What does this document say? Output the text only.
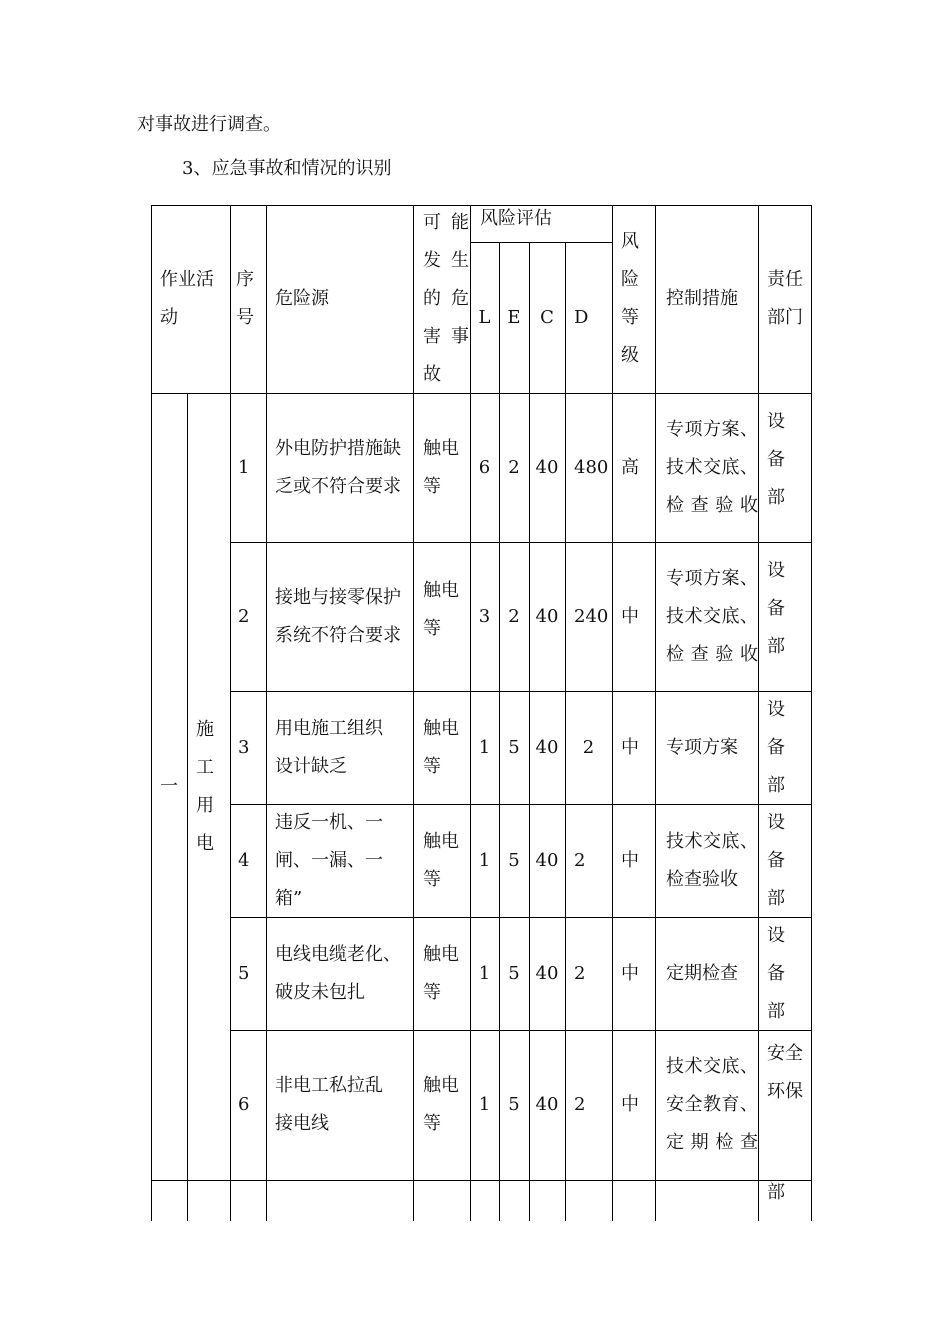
对事故进行调查。

3、应急事故和情况的识别

作业活动
序号
危险源
可能发生的危害事故
风险评估
L E C D
风险等级
控制措施
责任部门
一
施工用电
1
外电防护措施缺乏或不符合要求
触电等
6 2 40 480 高
专项方案、技术交底、检查验收
设备部
2
接地与接零保护系统不符合要求
触电等
3 2 40 240 中
专项方案、技术交底、检查验收
设备部
3
用电施工组织设计缺乏
触电等
1 5 40 2 中 专项方案
设备部
4
违反一机、一闸、一漏、一箱”
触电等
1 5 40 2 中
技术交底、检查验收
设备部
5
电线电缆老化、破皮未包扎
触电等
1 5 40 2 中 定期检查
设备部
6
非电工私拉乱接电线
触电等
1 5 40 2 中
技术交底、安全教育、定期检查
安全环保
部
